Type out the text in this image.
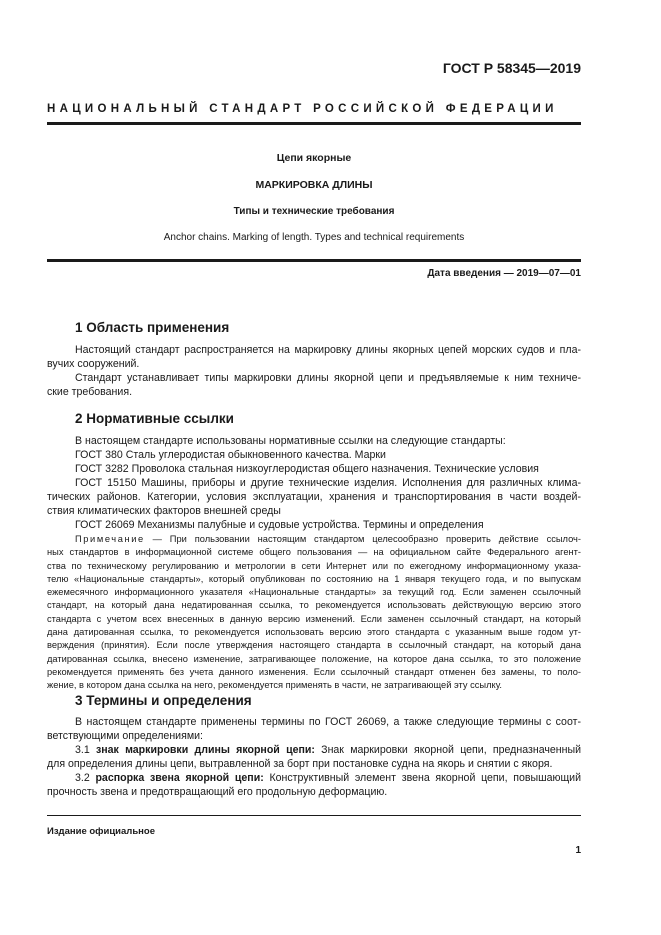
ГОСТ Р 58345—2019
НАЦИОНАЛЬНЫЙ СТАНДАРТ РОССИЙСКОЙ ФЕДЕРАЦИИ
Цепи якорные
МАРКИРОВКА ДЛИНЫ
Типы и технические требования
Anchor chains. Marking of length. Types and technical requirements
Дата введения — 2019—07—01
1 Область применения
Настоящий стандарт распространяется на маркировку длины якорных цепей морских судов и пла-
вучих сооружений.
Стандарт устанавливает типы маркировки длины якорной цепи и предъявляемые к ним техниче-
ские требования.
2 Нормативные ссылки
В настоящем стандарте использованы нормативные ссылки на следующие стандарты:
ГОСТ 380 Сталь углеродистая обыкновенного качества. Марки
ГОСТ 3282 Проволока стальная низкоуглеродистая общего назначения. Технические условия
ГОСТ 15150 Машины, приборы и другие технические изделия. Исполнения для различных клима-
тических районов. Категории, условия эксплуатации, хранения и транспортирования в части воздей-
ствия климатических факторов внешней среды
ГОСТ 26069 Механизмы палубные и судовые устройства. Термины и определения
Примечание — При пользовании настоящим стандартом целесообразно проверить действие ссылоч-
ных стандартов в информационной системе общего пользования — на официальном сайте Федерального агент-
ства по техническому регулированию и метрологии в сети Интернет или по ежегодному информационному указа-
телю «Национальные стандарты», который опубликован по состоянию на 1 января текущего года, и по выпускам
ежемесячного информационного указателя «Национальные стандарты» за текущий год. Если заменен ссылочный
стандарт, на который дана недатированная ссылка, то рекомендуется использовать действующую версию этого
стандарта с учетом всех внесенных в данную версию изменений. Если заменен ссылочный стандарт, на который
дана датированная ссылка, то рекомендуется использовать версию этого стандарта с указанным выше годом ут-
верждения (принятия). Если после утверждения настоящего стандарта в ссылочный стандарт, на который дана
датированная ссылка, внесено изменение, затрагивающее положение, на которое дана ссылка, то это положение
рекомендуется применять без учета данного изменения. Если ссылочный стандарт отменен без замены, то поло-
жение, в котором дана ссылка на него, рекомендуется применять в части, не затрагивающей эту ссылку.
3 Термины и определения
В настоящем стандарте применены термины по ГОСТ 26069, а также следующие термины с соот-
ветствующими определениями:
3.1 знак маркировки длины якорной цепи: Знак маркировки якорной цепи, предназначенный
для определения длины цепи, вытравленной за борт при постановке судна на якорь и снятии с якоря.
3.2 распорка звена якорной цепи: Конструктивный элемент звена якорной цепи, повышающий
прочность звена и предотвращающий его продольную деформацию.
Издание официальное
1
